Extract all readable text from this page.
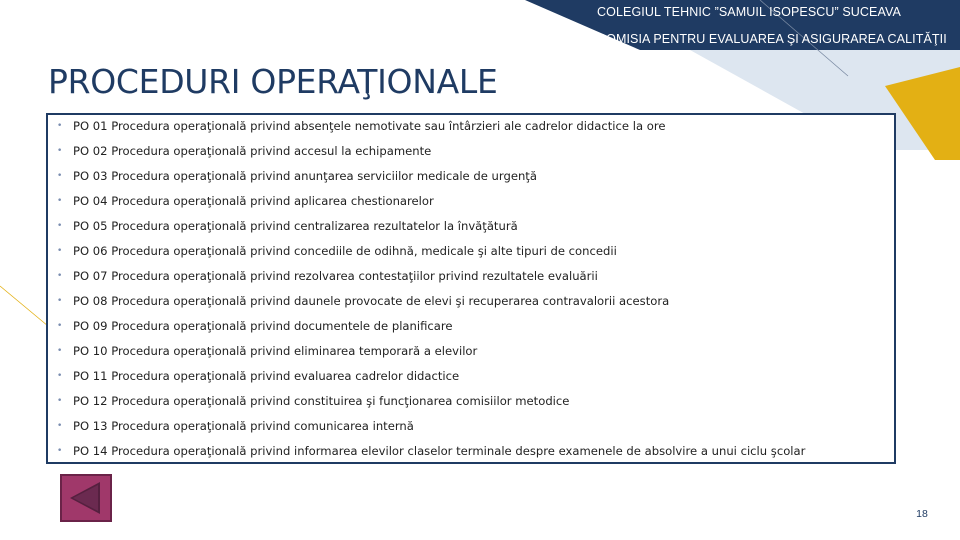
COLEGIUL TEHNIC ”SAMUIL ISOPESCU” SUCEAVA
COMISIA PENTRU EVALUAREA ŞI ASIGURAREA CALITĂŢII
PROCEDURI OPERAŢIONALE
• PO 01 Procedura operaţională privind absenţele nemotivate sau întârzieri ale cadrelor didactice la ore
• PO 02 Procedura operaţională privind accesul la echipamente
• PO 03 Procedura operaţională privind anunţarea serviciilor medicale de urgenţă
• PO 04 Procedura operaţională privind aplicarea chestionarelor
• PO 05 Procedura operaţională privind centralizarea rezultatelor la învăţătură
• PO 06 Procedura operaţională privind concediile de odihnă, medicale şi alte tipuri de concedii
• PO 07 Procedura operaţională privind rezolvarea contestaţiilor privind rezultatele evaluării
• PO 08 Procedura operaţională privind daunele provocate de elevi şi recuperarea contravalorii acestora
• PO 09 Procedura operaţională privind documentele de planificare
• PO 10 Procedura operaţională privind eliminarea temporară a elevilor
• PO 11 Procedura operaţională privind evaluarea cadrelor didactice
• PO 12 Procedura operaţională privind constituirea şi funcţionarea comisiilor metodice
• PO 13 Procedura operaţională privind comunicarea internă
• PO 14 Procedura operaţională privind informarea elevilor claselor terminale despre examenele de absolvire a unui ciclu şcolar
18
